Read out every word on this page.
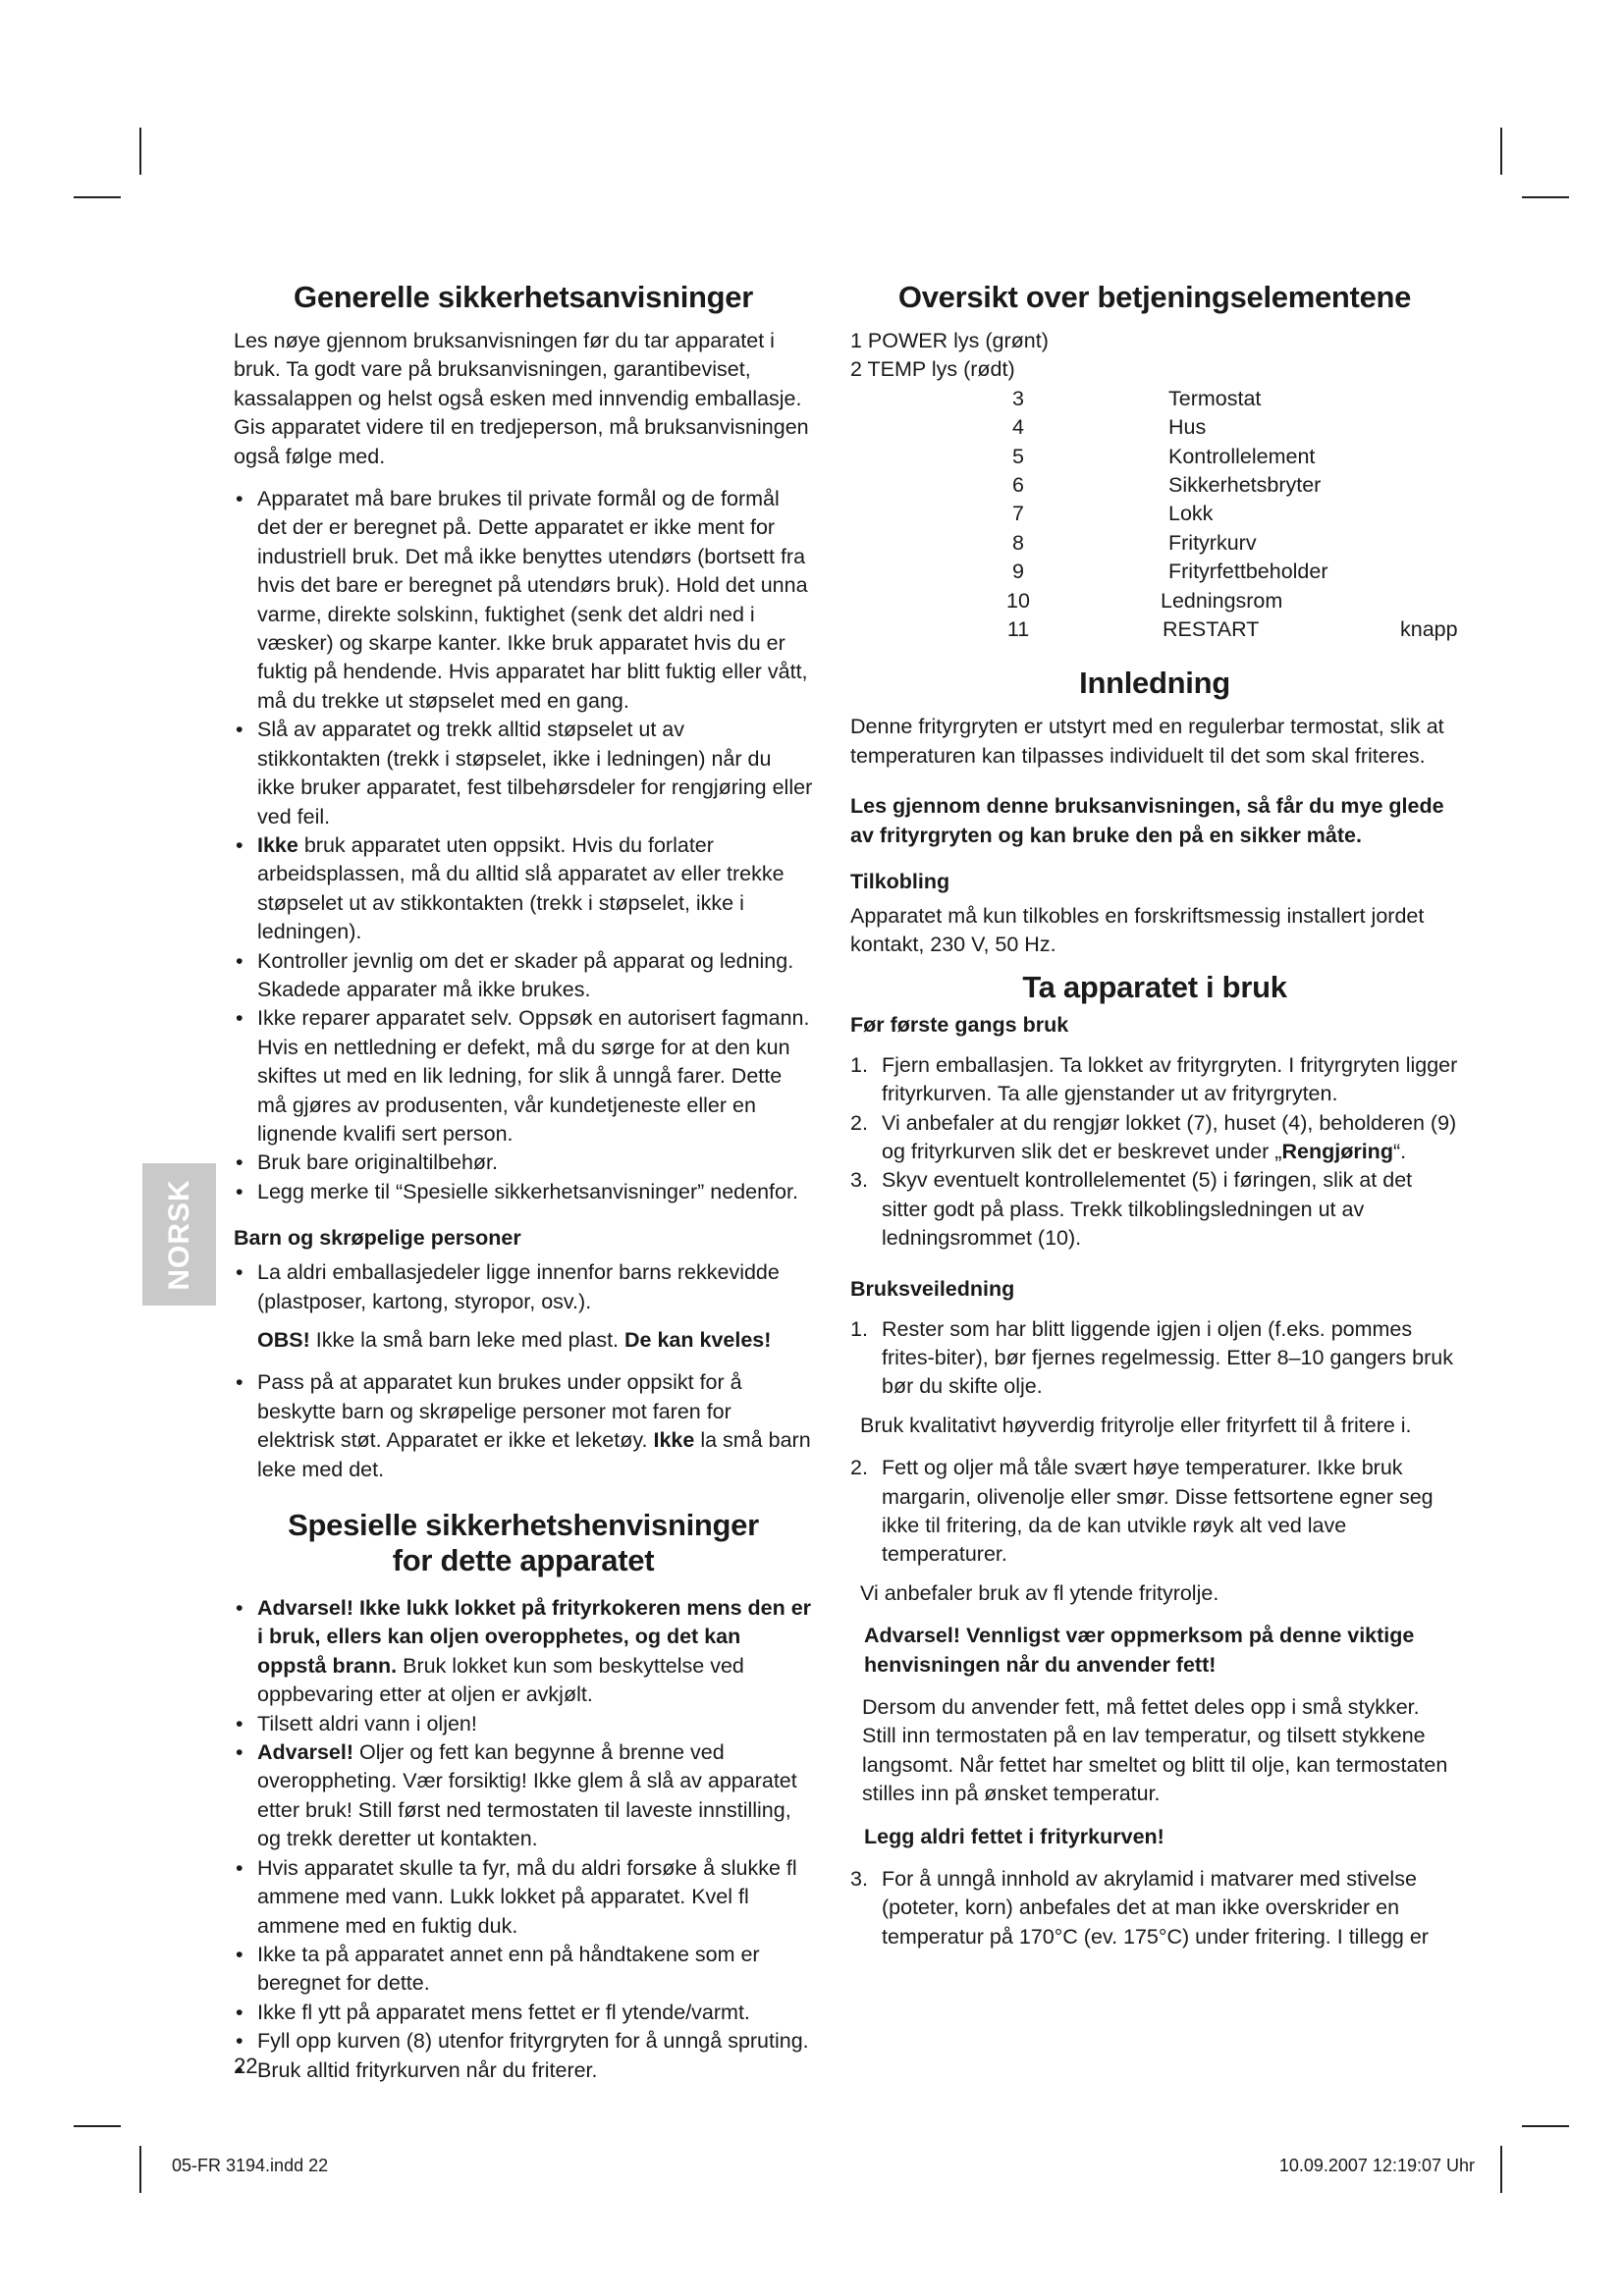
NORSK
Generelle sikkerhetsanvisninger

Les nøye gjennom bruksanvisningen før du tar apparatet i bruk. Ta godt vare på bruksanvisningen, garantibeviset, kassalappen og helst også esken med innvendig emballasje. Gis apparatet videre til en tredjeperson, må bruksanvisningen også følge med.

• Apparatet må bare brukes til private formål og de formål det der er beregnet på. Dette apparatet er ikke ment for industriell bruk. Det må ikke benyttes utendørs (bortsett fra hvis det bare er beregnet på utendørs bruk). Hold det unna varme, direkte solskinn, fuktighet (senk det aldri ned i væsker) og skarpe kanter. Ikke bruk apparatet hvis du er fuktig på hendende. Hvis apparatet har blitt fuktig eller vått, må du trekke ut støpselet med en gang.
• Slå av apparatet og trekk alltid støpselet ut av stikkontakten (trekk i støpselet, ikke i ledningen) når du ikke bruker apparatet, fest tilbehørsdeler for rengjøring eller ved feil.
• Ikke bruk apparatet uten oppsikt. Hvis du forlater arbeidsplassen, må du alltid slå apparatet av eller trekke støpselet ut av stikkontakten (trekk i støpselet, ikke i ledningen).
• Kontroller jevnlig om det er skader på apparat og ledning. Skadede apparater må ikke brukes.
• Ikke reparer apparatet selv. Oppsøk en autorisert fagmann. Hvis en nettledning er defekt, må du sørge for at den kun skiftes ut med en lik ledning, for slik å unngå farer. Dette må gjøres av produsenten, vår kundetjeneste eller en lignende kvalifi sert person.
• Bruk bare originaltilbehør.
• Legg merke til “Spesielle sikkerhetsanvisninger” nedenfor.
Barn og skrøpelige personer
• La aldri emballasjedeler ligge innenfor barns rekkevidde (plastposer, kartong, styropor, osv.).

OBS! Ikke la små barn leke med plast. De kan kveles!

• Pass på at apparatet kun brukes under oppsikt for å beskytte barn og skrøpelige personer mot faren for elektrisk støt. Apparatet er ikke et leketøy. Ikke la små barn leke med det.
Spesielle sikkerhetshenvisninger
for dette apparatet
• Advarsel! Ikke lukk lokket på frityrkokeren mens den er i bruk, ellers kan oljen overopphetes, og det kan oppstå brann. Bruk lokket kun som beskyttelse ved oppbevaring etter at oljen er avkjølt.
• Tilsett aldri vann i oljen!
• Advarsel! Oljer og fett kan begynne å brenne ved overoppheting. Vær forsiktig! Ikke glem å slå av apparatet etter bruk! Still først ned termostaten til laveste innstilling, og trekk deretter ut kontakten.
• Hvis apparatet skulle ta fyr, må du aldri forsøke å slukke fl ammene med vann. Lukk lokket på apparatet. Kvel fl ammene med en fuktig duk.
• Ikke ta på apparatet annet enn på håndtakene som er beregnet for dette.
• Ikke fl ytt på apparatet mens fettet er fl ytende/varmt.
• Fyll opp kurven (8) utenfor frityrgryten for å unngå spruting.
• Bruk alltid frityrkurven når du friterer.
Oversikt over betjeningselementene
1 POWER lys (grønt)
2 TEMP lys (rødt)
3	Termostat
4	Hus
5	Kontrollelement
6	Sikkerhetsbryter
7	Lokk
8	Frityrkurv
9	Frityrfettbeholder
10	Ledningsrom
11	RESTART	knapp
Innledning

Denne frityrgryten er utstyrt med en regulerbar termostat, slik at temperaturen kan tilpasses individuelt til det som skal friteres.

Les gjennom denne bruksanvisningen, så får du mye glede av frityrgryten og kan bruke den på en sikker måte.

Tilkobling

Apparatet må kun tilkobles en forskriftsmessig installert jordet kontakt, 230 V, 50 Hz.

Ta apparatet i bruk
Før første gangs bruk
1. Fjern emballasjen. Ta lokket av frityrgryten. I frityrgryten ligger frityrkurven. Ta alle gjenstander ut av frityrgryten.
2. Vi anbefaler at du rengjør lokket (7), huset (4), beholderen (9) og frityrkurven slik det er beskrevet under „Rengjøring“.
3. Skyv eventuelt kontrollelementet (5) i føringen, slik at det sitter godt på plass. Trekk tilkoblingsledningen ut av ledningsrommet (10).
Bruksveiledning
1. Rester som har blitt liggende igjen i oljen (f.eks. pommes frites-biter), bør fjernes regelmessig. Etter 8–10 gangers bruk bør du skifte olje.

Bruk kvalitativt høyverdig frityrolje eller frityrfett til å fritere i.

2. Fett og oljer må tåle svært høye temperaturer. Ikke bruk margarin, olivenolje eller smør. Disse fettsortene egner seg ikke til fritering, da de kan utvikle røyk alt ved lave temperaturer.

Vi anbefaler bruk av fl ytende frityrolje.

Advarsel! Vennligst vær oppmerksom på denne viktige henvisningen når du anvender fett!

Dersom du anvender fett, må fettet deles opp i små stykker. Still inn termostaten på en lav temperatur, og tilsett stykkene langsomt. Når fettet har smeltet og blitt til olje, kan termostaten stilles inn på ønsket temperatur.

Legg aldri fettet i frityrkurven!

3. For å unngå innhold av akrylamid i matvarer med stivelse (poteter, korn) anbefales det at man ikke overskrider en temperatur på 170°C (ev. 175°C) under fritering. I tillegg er
22
05-FR 3194.indd 22	10.09.2007 12:19:07 Uhr
